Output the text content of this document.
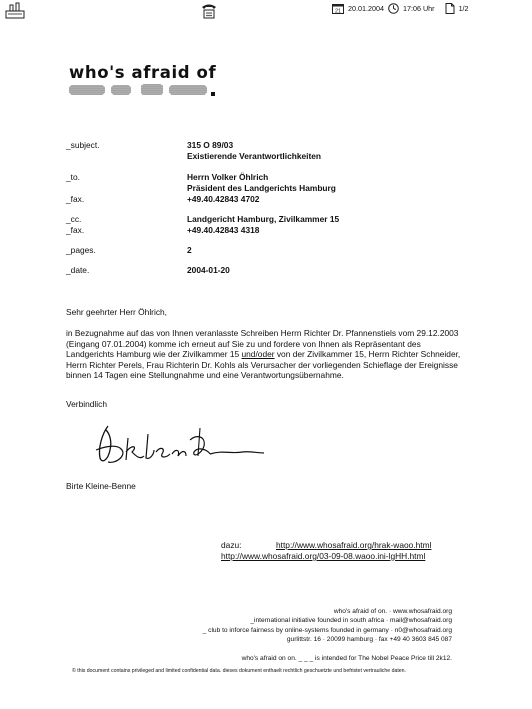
21 20.01.2004	17:06 Uhr	1/2
who's afraid of
_subject.	315 O 89/03
Existierende Verantwortlichkeiten
_to.	Herrn Volker Öhlrich
Präsident des Landgerichts Hamburg
_fax.	+49.40.42843 4702
_cc.	Landgericht Hamburg, Zivilkammer 15
_fax.	+49.40.42843 4318
_pages.	2
_date.	2004-01-20
Sehr geehrter Herr Öhlrich,
in Bezugnahme auf das von Ihnen veranlasste Schreiben Herrn Richter Dr. Pfannenstiels vom 29.12.2003 (Eingang 07.01.2004) komme ich erneut auf Sie zu und fordere von Ihnen als Repräsentant des Landgerichts Hamburg wie der Zivilkammer 15 und/oder von der Zivilkammer 15, Herrn Richter Schneider, Herrn Richter Perels, Frau Richterin Dr. Kohls als Verursacher der vorliegenden Schieflage der Ereignisse binnen 14 Tagen eine Stellungnahme und eine Verantwortungsübernahme.
Verbindlich
Birte Kleine-Benne
dazu:	http://www.whosafraid.org/hrak-waoo.html
http://www.whosafraid.org/03-09-08.waoo.ini-lgHH.html
who's afraid of on. · www.whosafraid.org
_international initiative founded in south africa · mail@whosafraid.org
_ club to inforce fairness by online-systems founded in germany · n0@whosafraid.org
gurlittstr. 16 · 20099 hamburg · fax +49 40 3603 845 087
who's afraid on on. _ _ _ is intended for The Nobel Peace Price till 2k12.
© this document contains privileged and limited confidential data. dieses dokument enthaelt rechtlich geschuetzte und befristet vertrauliche daten.
